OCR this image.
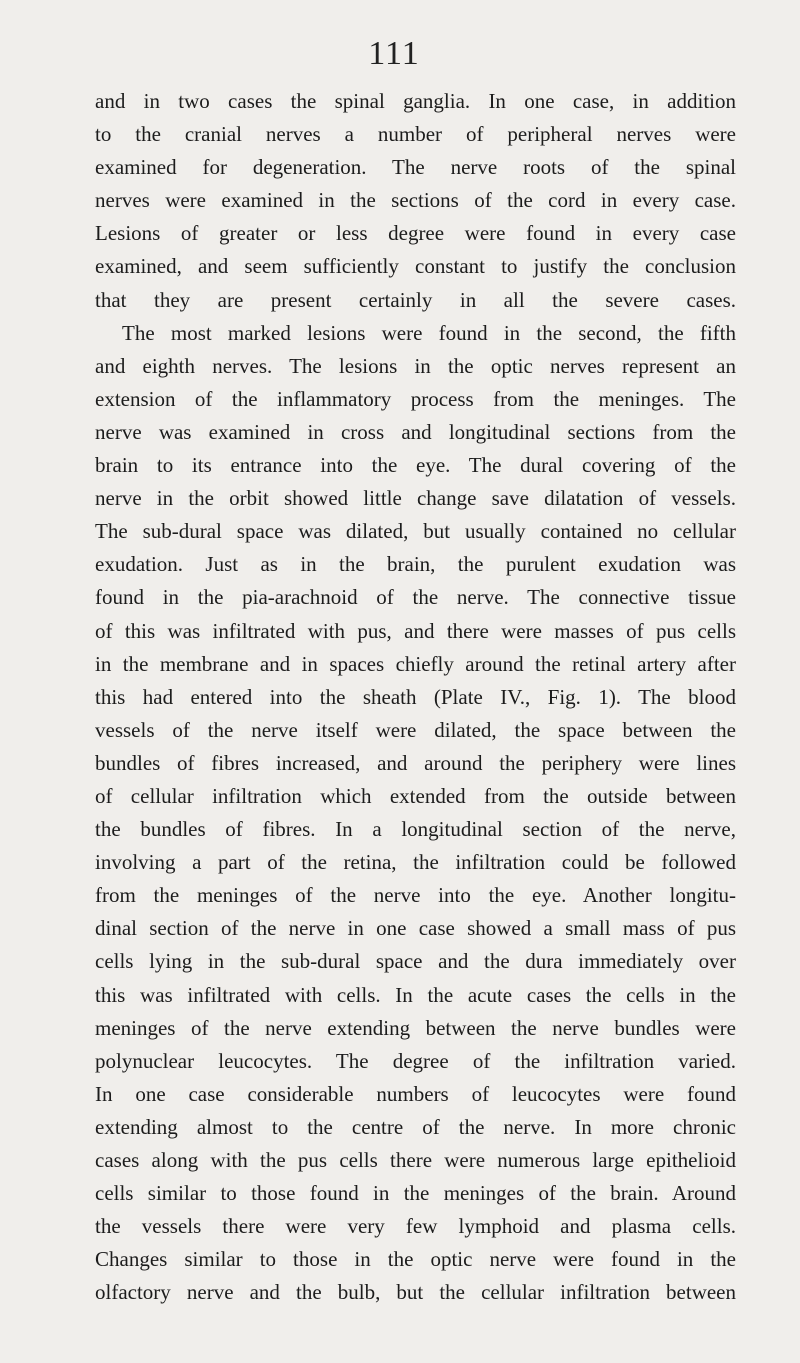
111
and in two cases the spinal ganglia. In one case, in addition
to the cranial nerves a number of peripheral nerves were
examined for degeneration. The nerve roots of the spinal
nerves were examined in the sections of the cord in every case.
Lesions of greater or less degree were found in every case
examined, and seem sufficiently constant to justify the conclusion
that they are present certainly in all the severe cases.
The most marked lesions were found in the second, the fifth
and eighth nerves. The lesions in the optic nerves represent an
extension of the inflammatory process from the meninges. The
nerve was examined in cross and longitudinal sections from the
brain to its entrance into the eye. The dural covering of the
nerve in the orbit showed little change save dilatation of vessels.
The sub-dural space was dilated, but usually contained no cellular
exudation. Just as in the brain, the purulent exudation was
found in the pia-arachnoid of the nerve. The connective tissue
of this was infiltrated with pus, and there were masses of pus cells
in the membrane and in spaces chiefly around the retinal artery after
this had entered into the sheath (Plate IV., Fig. 1). The blood
vessels of the nerve itself were dilated, the space between the
bundles of fibres increased, and around the periphery were lines
of cellular infiltration which extended from the outside between
the bundles of fibres. In a longitudinal section of the nerve,
involving a part of the retina, the infiltration could be followed
from the meninges of the nerve into the eye. Another longitu-
dinal section of the nerve in one case showed a small mass of pus
cells lying in the sub-dural space and the dura immediately over
this was infiltrated with cells. In the acute cases the cells in the
meninges of the nerve extending between the nerve bundles were
polynuclear leucocytes. The degree of the infiltration varied.
In one case considerable numbers of leucocytes were found
extending almost to the centre of the nerve. In more chronic
cases along with the pus cells there were numerous large epithelioid
cells similar to those found in the meninges of the brain. Around
the vessels there were very few lymphoid and plasma cells.
Changes similar to those in the optic nerve were found in the
olfactory nerve and the bulb, but the cellular infiltration between
